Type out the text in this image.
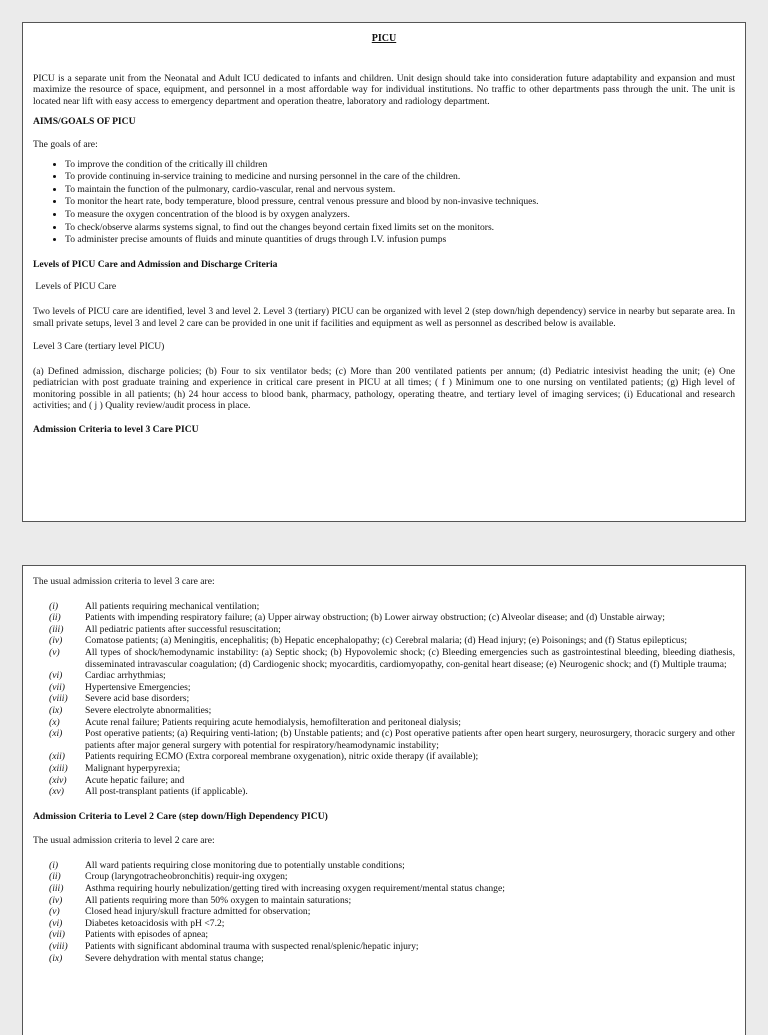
PICU

PICU is a separate unit from the Neonatal and Adult ICU dedicated to infants and children. Unit design should take into consideration future adaptability and expansion and must maximize the resource of space, equipment, and personnel in a most affordable way for individual institutions. No traffic to other departments pass through the unit. The unit is located near lift with easy access to emergency department and operation theatre, laboratory and radiology department.

AIMS/GOALS OF PICU

The goals of are:

• To improve the condition of the critically ill children
• To provide continuing in-service training to medicine and nursing personnel in the care of the children.
• To maintain the function of the pulmonary, cardio-vascular, renal and nervous system.
• To monitor the heart rate, body temperature, blood pressure, central venous pressure and blood by non-invasive techniques.
• To measure the oxygen concentration of the blood is by oxygen analyzers.
• To check/observe alarms systems signal, to find out the changes beyond certain fixed limits set on the monitors.
• To administer precise amounts of fluids and minute quantities of drugs through I.V. infusion pumps
Levels of PICU Care and Admission and Discharge Criteria

Levels of PICU Care

Two levels of PICU care are identified, level 3 and level 2. Level 3 (tertiary) PICU can be organized with level 2 (step down/high dependency) service in nearby but separate area. In small private setups, level 3 and level 2 care can be provided in one unit if facilities and equipment as well as personnel as described below is available.

Level 3 Care (tertiary level PICU)

(a) Defined admission, discharge policies; (b) Four to six ventilator beds; (c) More than 200 ventilated patients per annum; (d) Pediatric intesivist heading the unit; (e) One pediatrician with post graduate training and experience in critical care present in PICU at all times; ( f ) Minimum one to one nursing on ventilated patients; (g) High level of monitoring possible in all patients; (h) 24 hour access to blood bank, pharmacy, pathology, operating theatre, and tertiary level of imaging services; (i) Educational and research activities; and ( j ) Quality review/audit process in place.

Admission Criteria to level 3 Care PICU

The usual admission criteria to level 3 care are:

(i)	All patients requiring mechanical ventilation;
(ii)	Patients with impending respiratory failure; (a) Upper airway obstruction; (b) Lower airway obstruction; (c) Alveolar disease; and (d) Unstable airway;
(iii)	All pediatric patients after successful resuscitation;
(iv)	Comatose patients; (a) Meningitis, encephalitis; (b) Hepatic encephalopathy; (c) Cerebral malaria; (d) Head injury; (e) Poisonings; and (f) Status epilepticus;
(v)	All types of shock/hemodynamic instability: (a) Septic shock; (b) Hypovolemic shock; (c) Bleeding emergencies such as gastrointestinal bleeding, bleeding diathesis, disseminated intravascular coagulation; (d) Cardiogenic shock; myocarditis, cardiomyopathy, con-genital heart disease; (e) Neurogenic shock; and (f) Multiple trauma;
(vi)	Cardiac arrhythmias;
(vii)	Hypertensive Emergencies;
(viii)	Severe acid base disorders;
(ix)	Severe electrolyte abnormalities;
(x)	Acute renal failure; Patients requiring acute hemodialysis, hemofilteration and peritoneal dialysis;
(xi)	Post operative patients; (a) Requiring venti-lation; (b) Unstable patients; and (c) Post operative patients after open heart surgery, neurosurgery, thoracic surgery and other patients after major general surgery with potential for respiratory/heamodynamic instability;
(xii)	Patients requiring ECMO (Extra corporeal membrane oxygenation), nitric oxide therapy (if available);
(xiii)	Malignant hyperpyrexia;
(xiv)	Acute hepatic failure; and
(xv)	All post-transplant patients (if applicable).
Admission Criteria to Level 2 Care (step down/High Dependency PICU)

The usual admission criteria to level 2 care are:

(i)	All ward patients requiring close monitoring due to potentially unstable conditions;
(ii)	Croup (laryngotracheobronchitis) requir-ing oxygen;
(iii)	Asthma requiring hourly nebulization/getting tired with increasing oxygen requirement/mental status change;
(iv)	All patients requiring more than 50% oxygen to maintain saturations;
(v)	Closed head injury/skull fracture admitted for observation;
(vi)	Diabetes ketoacidosis with pH <7.2;
(vii)	Patients with episodes of apnea;
(viii)	Patients with significant abdominal trauma with suspected renal/splenic/hepatic injury;
(ix)	Severe dehydration with mental status change;
